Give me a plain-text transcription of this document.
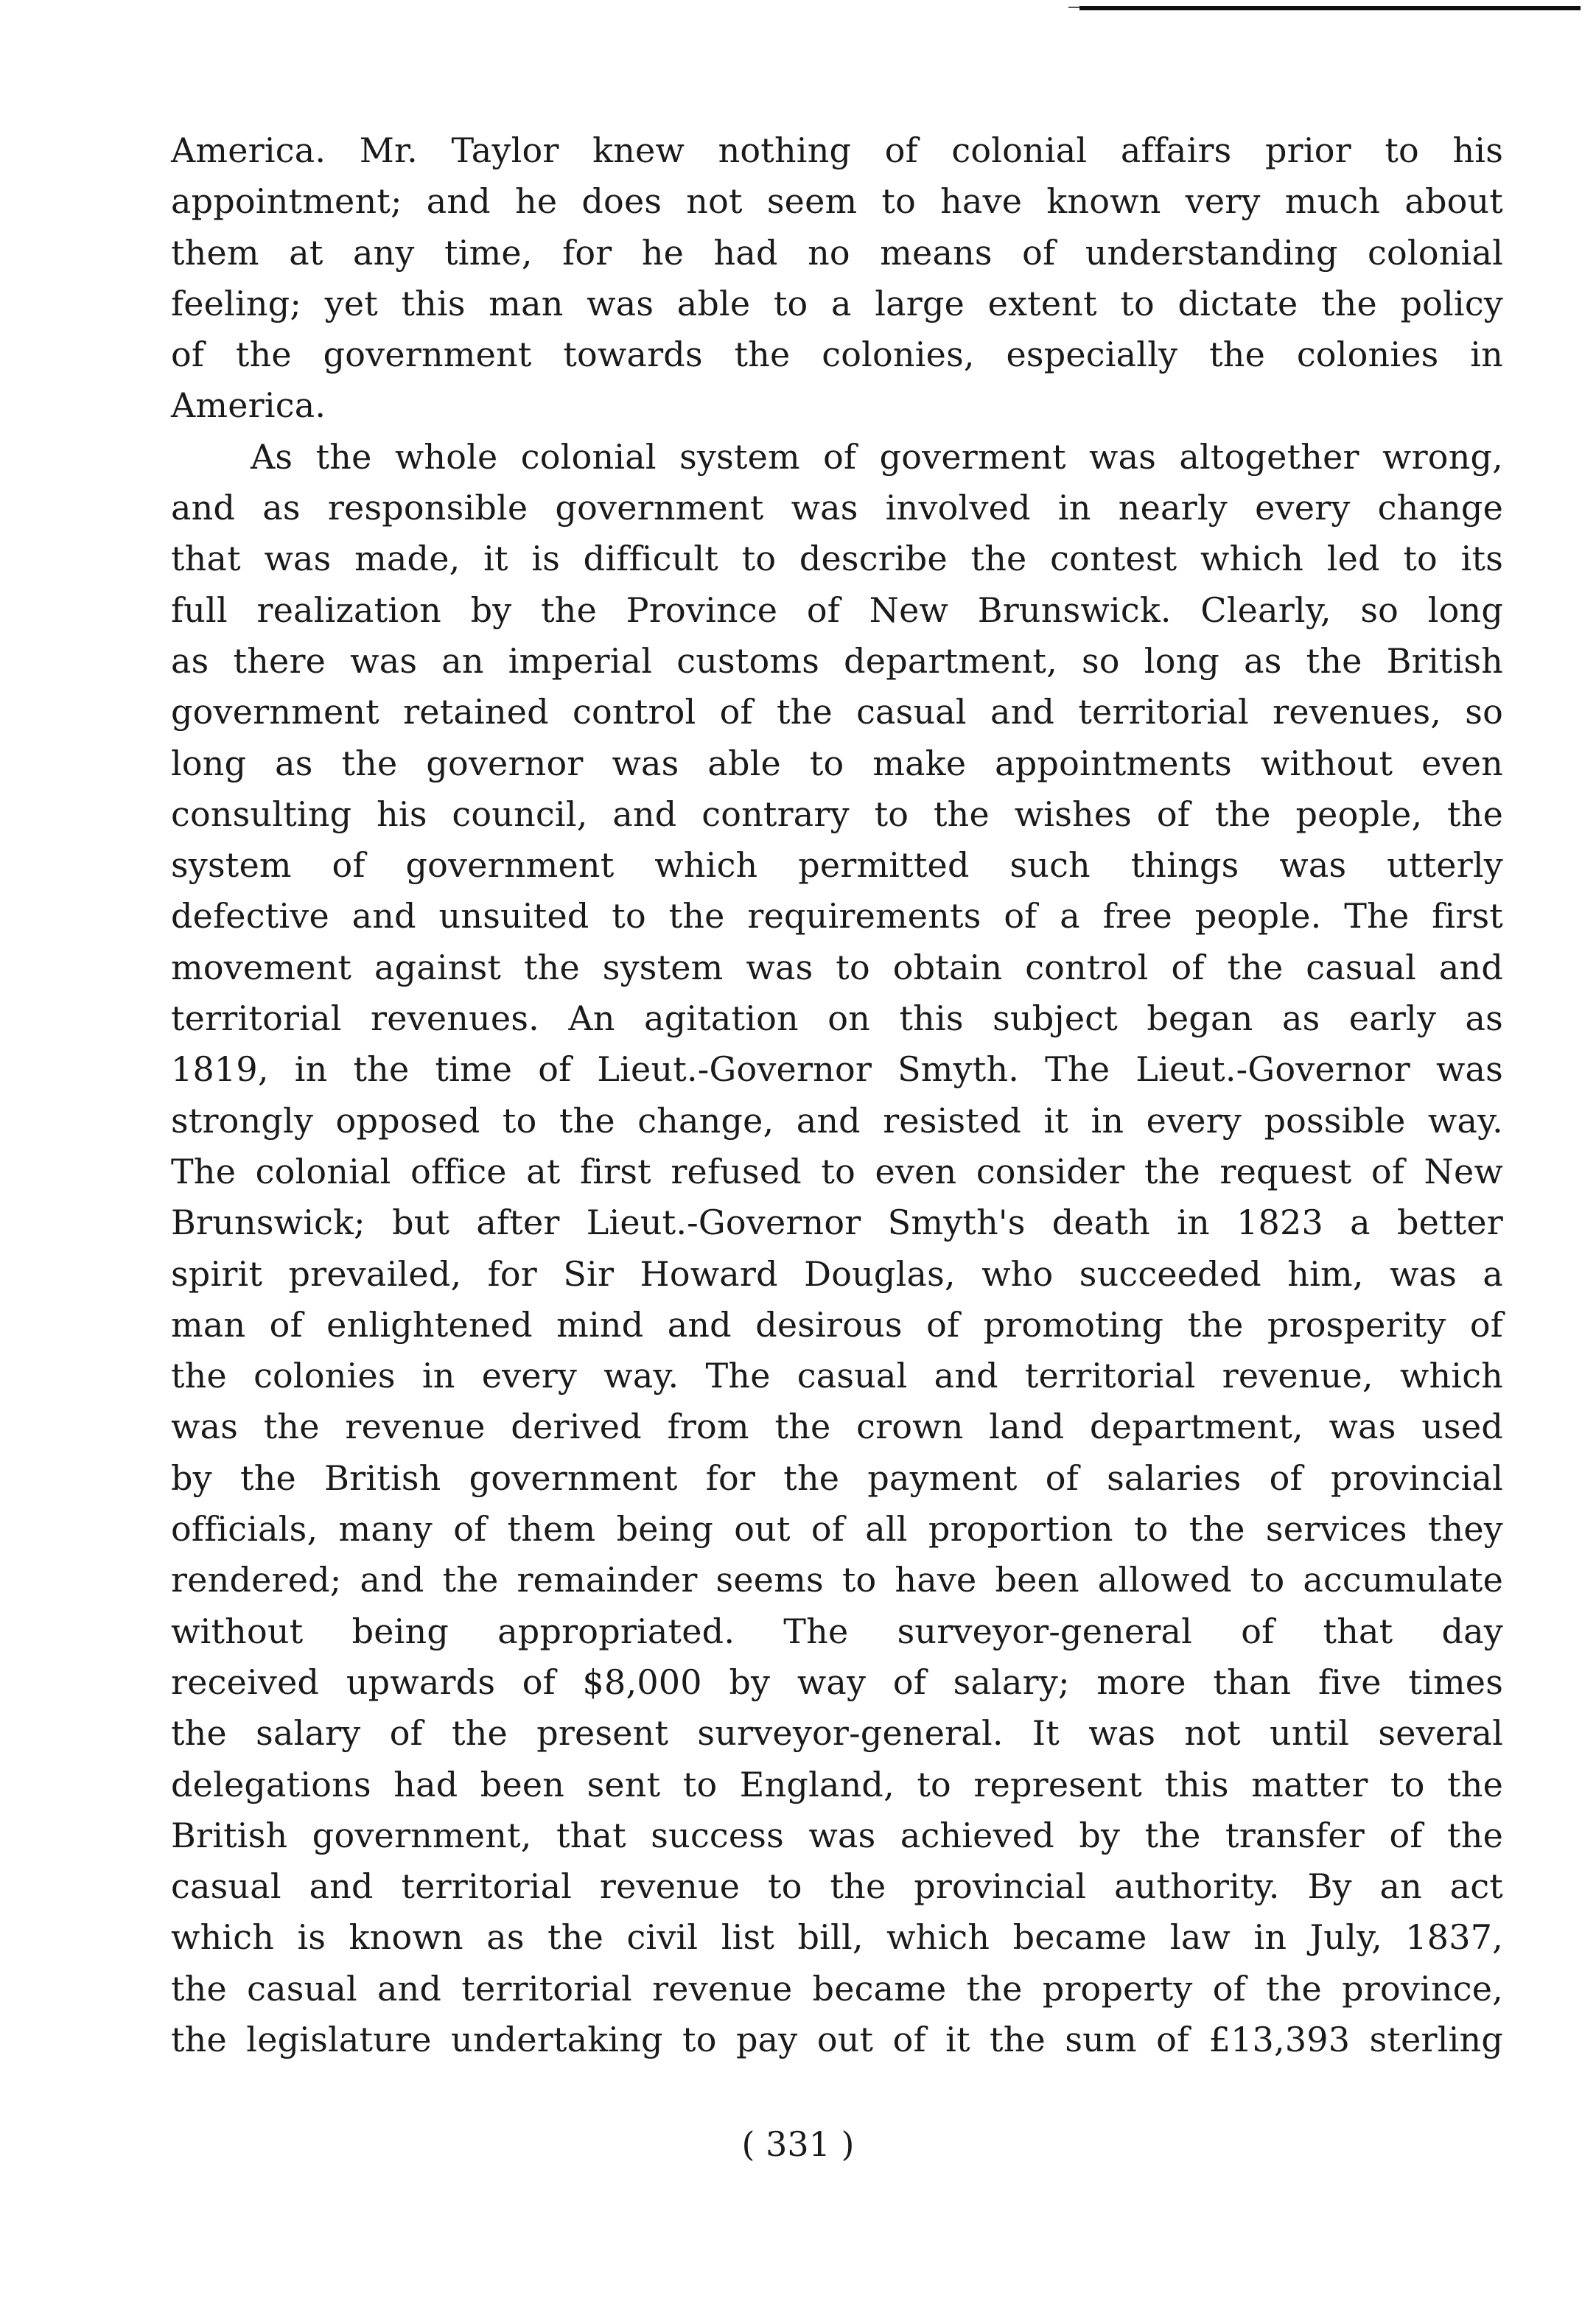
America. Mr. Taylor knew nothing of colonial affairs prior to his
appointment; and he does not seem to have known very much about
them at any time, for he had no means of understanding colonial
feeling; yet this man was able to a large extent to dictate the policy
of the government towards the colonies, especially the colonies in
America.
As the whole colonial system of goverment was altogether wrong,
and as responsible government was involved in nearly every change
that was made, it is difficult to describe the contest which led to its
full realization by the Province of New Brunswick. Clearly, so long
as there was an imperial customs department, so long as the British
government retained control of the casual and territorial revenues, so
long as the governor was able to make appointments without even
consulting his council, and contrary to the wishes of the people, the
system of government which permitted such things was utterly
defective and unsuited to the requirements of a free people. The first
movement against the system was to obtain control of the casual and
territorial revenues. An agitation on this subject began as early as
1819, in the time of Lieut.-Governor Smyth. The Lieut.-Governor was
strongly opposed to the change, and resisted it in every possible way.
The colonial office at first refused to even consider the request of New
Brunswick; but after Lieut.-Governor Smyth's death in 1823 a better
spirit prevailed, for Sir Howard Douglas, who succeeded him, was a
man of enlightened mind and desirous of promoting the prosperity of
the colonies in every way. The casual and territorial revenue, which
was the revenue derived from the crown land department, was used
by the British government for the payment of salaries of provincial
officials, many of them being out of all proportion to the services they
rendered; and the remainder seems to have been allowed to accumulate
without being appropriated. The surveyor-general of that day
received upwards of $8,000 by way of salary; more than five times
the salary of the present surveyor-general. It was not until several
delegations had been sent to England, to represent this matter to the
British government, that success was achieved by the transfer of the
casual and territorial revenue to the provincial authority. By an act
which is known as the civil list bill, which became law in July, 1837,
the casual and territorial revenue became the property of the province,
the legislature undertaking to pay out of it the sum of £13,393 sterling
( 331 )
